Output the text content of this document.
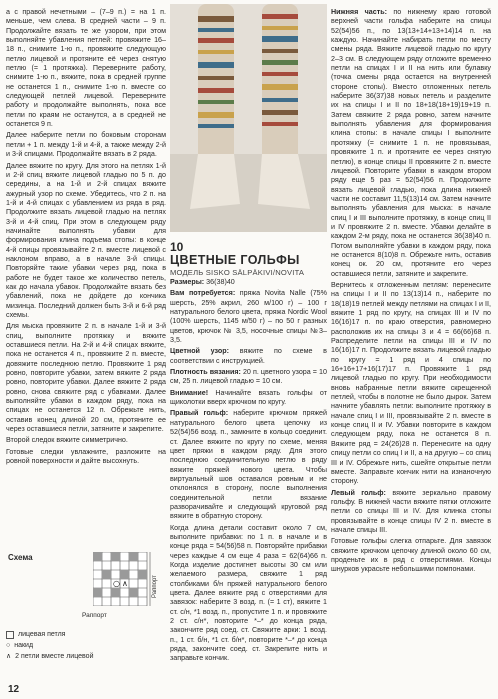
а с правой нечетными – (7–9 п.) = на 1 п. меньше, чем слева. В средней части – 9 п. Продолжайте вязать те же узором, при этом выполняйте убавления петлей: провяжите 16–18 п., снимите 1-ю п., провяжите следующую петлю лицевой и протяните её через снятую петлю (= 1 протяжка). Переверните работу, снимите 1-ю п., вяжите, пока в средней группе не останется 1 п., снимите 1-ю п. вместе со следующей петлей лицевой. Переверните работу и продолжайте выполнять, пока все петли по краям не останутся, а в средней не останется 9 п.

Далее наберите петли по боковым сторонам петли + 1 п. между 1-й и 4-й, а также между 2-й и 3-й спицами. Продолжайте вязать в 2 ряда.

Далее вяжите по кругу. Для этого на петлях 1-й и 2-й спиц вяжите лицевой гладью по 5 п. до середины, а на 1-й и 2-й спицах вяжите ажурный узор по схеме. Убедитесь, что 2 п. на 1-й и 4-й спицах с убавлением из ряда в ряд. Продолжите вязать лицевой гладью на петлях 3-й и 4-й спиц. При этом в следующем ряду начинайте выполнять убавки для формирования клина подъема стопы: в конце 4-й спицы провязывайте 2 п. вместе лицевой с наклоном вправо, а в начале 3-й спицы. Повторяйте такие убавки через ряд, пока в работе не будет такое же количество петель, как до начала убавок. Продолжайте вязать без убавлений, пока не дойдете до кончика мизинца. Последний должен быть 3-й и 6-й ряд схемы.

Для мыска провяжите 2 п. в начале 1-й и 3-й спиц, выполните протяжку и вяжите оставшиеся петли. На 2-й и 4-й спицах вяжите, пока не останется 4 п., провяжите 2 п. вместе, довяжите последнюю петлю. Провяжите 1 ряд ровно, повторите убавки, затем вяжите 2 ряда ровно, повторите убавки. Далее вяжите 2 ряда ровно, снова свяжите ряд с убавками. Далее выполняйте убавки в каждом ряду, пока на спицах не останется 12 п. Обрежьте нить, оставив конец длиной 20 см, протяните ее через оставшиеся петли, затяните и закрепите.

Второй следок вяжите симметрично.

Готовые следки увлажните, разложите на ровной поверхности и дайте высохнуть.

Схема
○ ∧	Раппорт
Раппорт
лицевая петля
○ накид
∧ 2 петли вместе лицевой
10
ЦВЕТНЫЕ ГОЛЬФЫ
МОДЕЛЬ SISKO SÄLPÄKIVI/NOVITA

Размеры: 36(38)40

Вам потребуется: пряжа Novita Nalle (75% шерсть, 25% акрил, 260 м/100 г) – 100 г натурального белого цвета, пряжа Nordic Wool (100% шерсть, 1145 м/50 г) – по 50 г разных цветов, крючок № 3,5, носочные спицы №3–3,5.

Цветной узор: вяжите по схеме в соответствии с инструкцией.

Плотность вязания: 20 п. цветного узора = 10 см, 25 п. лицевой гладью = 10 см.

Внимание! Начинайте вязать гольфы от щиколотки вверх крючком по кругу.

Правый гольф: наберите крючком пряжей натурального белого цвета цепочку из 52(54)56 возд. п., замкните в кольцо соединит. ст. Далее вяжите по кругу по схеме, меняя цвет пряжи в каждом ряду. Для этого последнюю соединительную петлю в ряду вяжите пряжей нового цвета. Чтобы виртуальный шов оставался ровным и не отклонялся в сторону, после выполнения соединительной петли вязание разворачивайте и следующий круговой ряд вяжите в обратную сторону.

Когда длина детали составит около 7 см, выполните прибавки: по 1 п. в начале и в конце ряда = 54(56)58 п. Повторяйте прибавки через каждые 4 см еще 4 раза = 62(64)66 п. Когда изделие достигнет высоты 30 см или желаемого размера, свяжите 1 ряд столбиками б/н пряжей натурального белого цвета. Далее вяжите ряд с отверстиями для завязок: наберите 3 возд. п. (= 1 ст), вяжите 1 ст. с/н, *1 возд. п., пропустите 1 п. и провяжите 2 ст. с/н*, повторите *–* до конца ряда, закончите ряд соед. ст. Свяжите арки: 1 возд. п., 1 ст. б/н, *1 ст. б/н*, повторите *–* до конца ряда, закончите соед. ст. Закрепите нить и заправьте кончик.

Нижняя часть: по нижнему краю готовой верхней части гольфа наберите на спицы 52(54)56 п., по 13(13+14+13+14)14 п. на каждую. Начинайте набирать петли по месту смены ряда. Вяжите лицевой гладью по кругу 2–3 см. В следующем ряду отложите временно петли на спицах I и II на нить или булавку (точка смены ряда остается на внутренней стороне стопы). Вместо отложенных петель наберите 36(37)38 новых петель и разделите их на спицы I и II по 18+18(18+19)19+19 п. Затем свяжите 2 ряда ровно, затем начните выполнять убавления для формирования клина стопы: в начале спицы I выполните протяжку (= снимите 1 п. не провязывая, провяжите 1 п. и протяните ее через снятую петлю), в конце спицы II провяжите 2 п. вместе лицевой. Повторите убавки в каждом втором ряду еще 5 раз = 52(54)56 п. Продолжите вязать лицевой гладью, пока длина нижней части не составит 11,5(13)14 см. Затем начните выполнять убавления для мыска: в начале спиц I и III выполните протяжку, в конце спиц II и IV провяжите 2 п. вместе. Убавки делайте в каждом 2-м ряду, пока не останется 36(38)40 п. Потом выполняйте убавки в каждом ряду, пока не останется 8(10)8 п. Обрежьте нить, оставив конец ок. 20 см, протяните его через оставшиеся петли, затяните и закрепите.

Вернитесь к отложенным петлям: перенесите на спицы I и II по 13(13)14 п., наберите по 18(18)19 петлей между петлями на спицах I и II, вяжите 1 ряд по кругу, на спицах III и IV по 16(16)17 п. по краю отверстия, равномерно расположив их на спицы 3 и 4 = 66(66)68 п. Распределите петли на спицы III и IV по 16(16)17 п. Продолжите вязать лицевой гладью по кругу = 1 ряд и 4 спицы по 16+16+17+16(17)17 п. Провяжите 1 ряд лицевой гладью по кругу. При необходимости вновь набранные петли вяжите скрещенной петлей, чтобы в полотне не было дырок. Затем начните убавлять петли: выполните протяжку в начале спиц I и III, провязывайте 2 п. вместе в конце спиц II и IV. Убавки повторите в каждом следующем ряду, пока не останется 8 п. Вяжите ряд = 24(26)28 п. Перенесите на одну спицу петли со спиц I и II, а на другую – со спиц III и IV. Обрежьте нить, сшейте открытые петли вместе. Заправьте кончик нити на изнаночную сторону.

Левый гольф: вяжите зеркально правому гольфу. В нижней части вяжите пятки отложите петли со спицы III и IV. Для клинка стопы провязывайте в конце спицы IV 2 п. вместе в начале спицы III.

Готовые гольфы слегка отпарьте. Для завязок свяжите крючком цепочку длиной около 60 см, проденьте их в ряд с отверстиями. Концы шнурков украсьте небольшими помпонами.

12
